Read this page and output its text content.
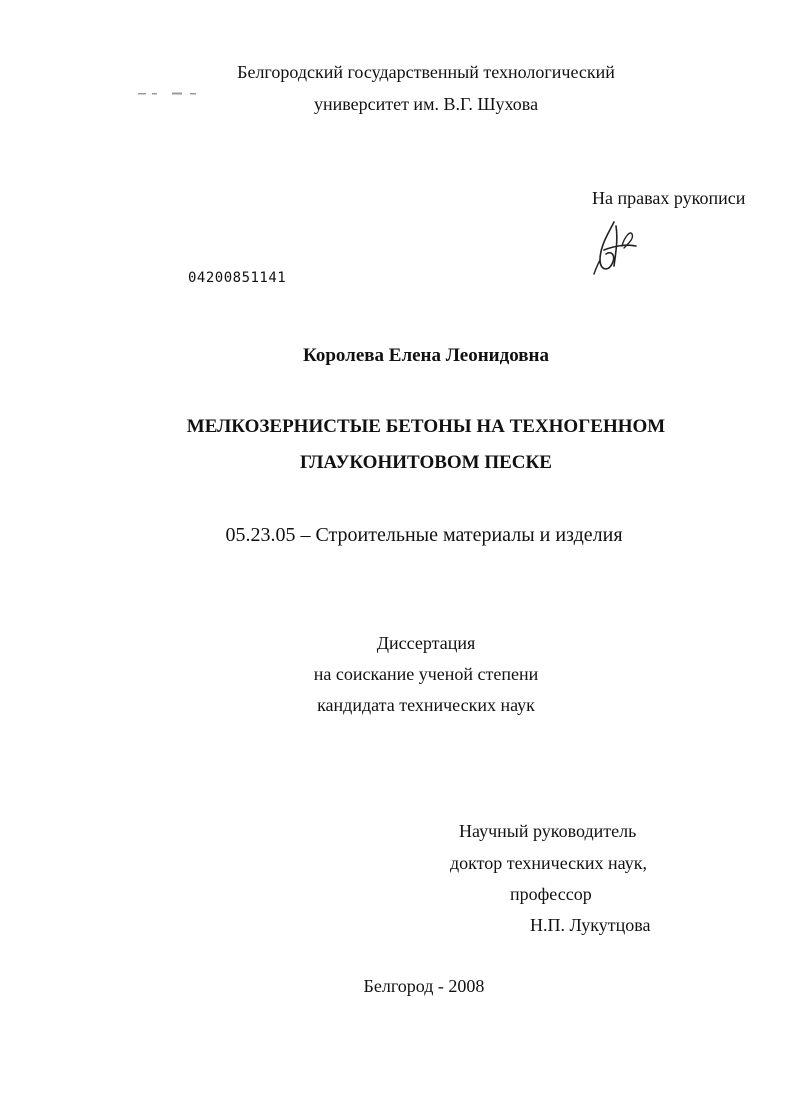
Белгородский государственный технологический
университет им. В.Г. Шухова
На правах рукописи
04200851141
Королева Елена Леонидовна
МЕЛКОЗЕРНИСТЫЕ БЕТОНЫ НА ТЕХНОГЕННОМ
ГЛАУКОНИТОВОМ ПЕСКЕ
05.23.05 – Строительные материалы и изделия
Диссертация
на соискание ученой степени
кандидата технических наук
Научный руководитель
доктор технических наук,
профессор
Н.П. Лукутцова
Белгород - 2008
